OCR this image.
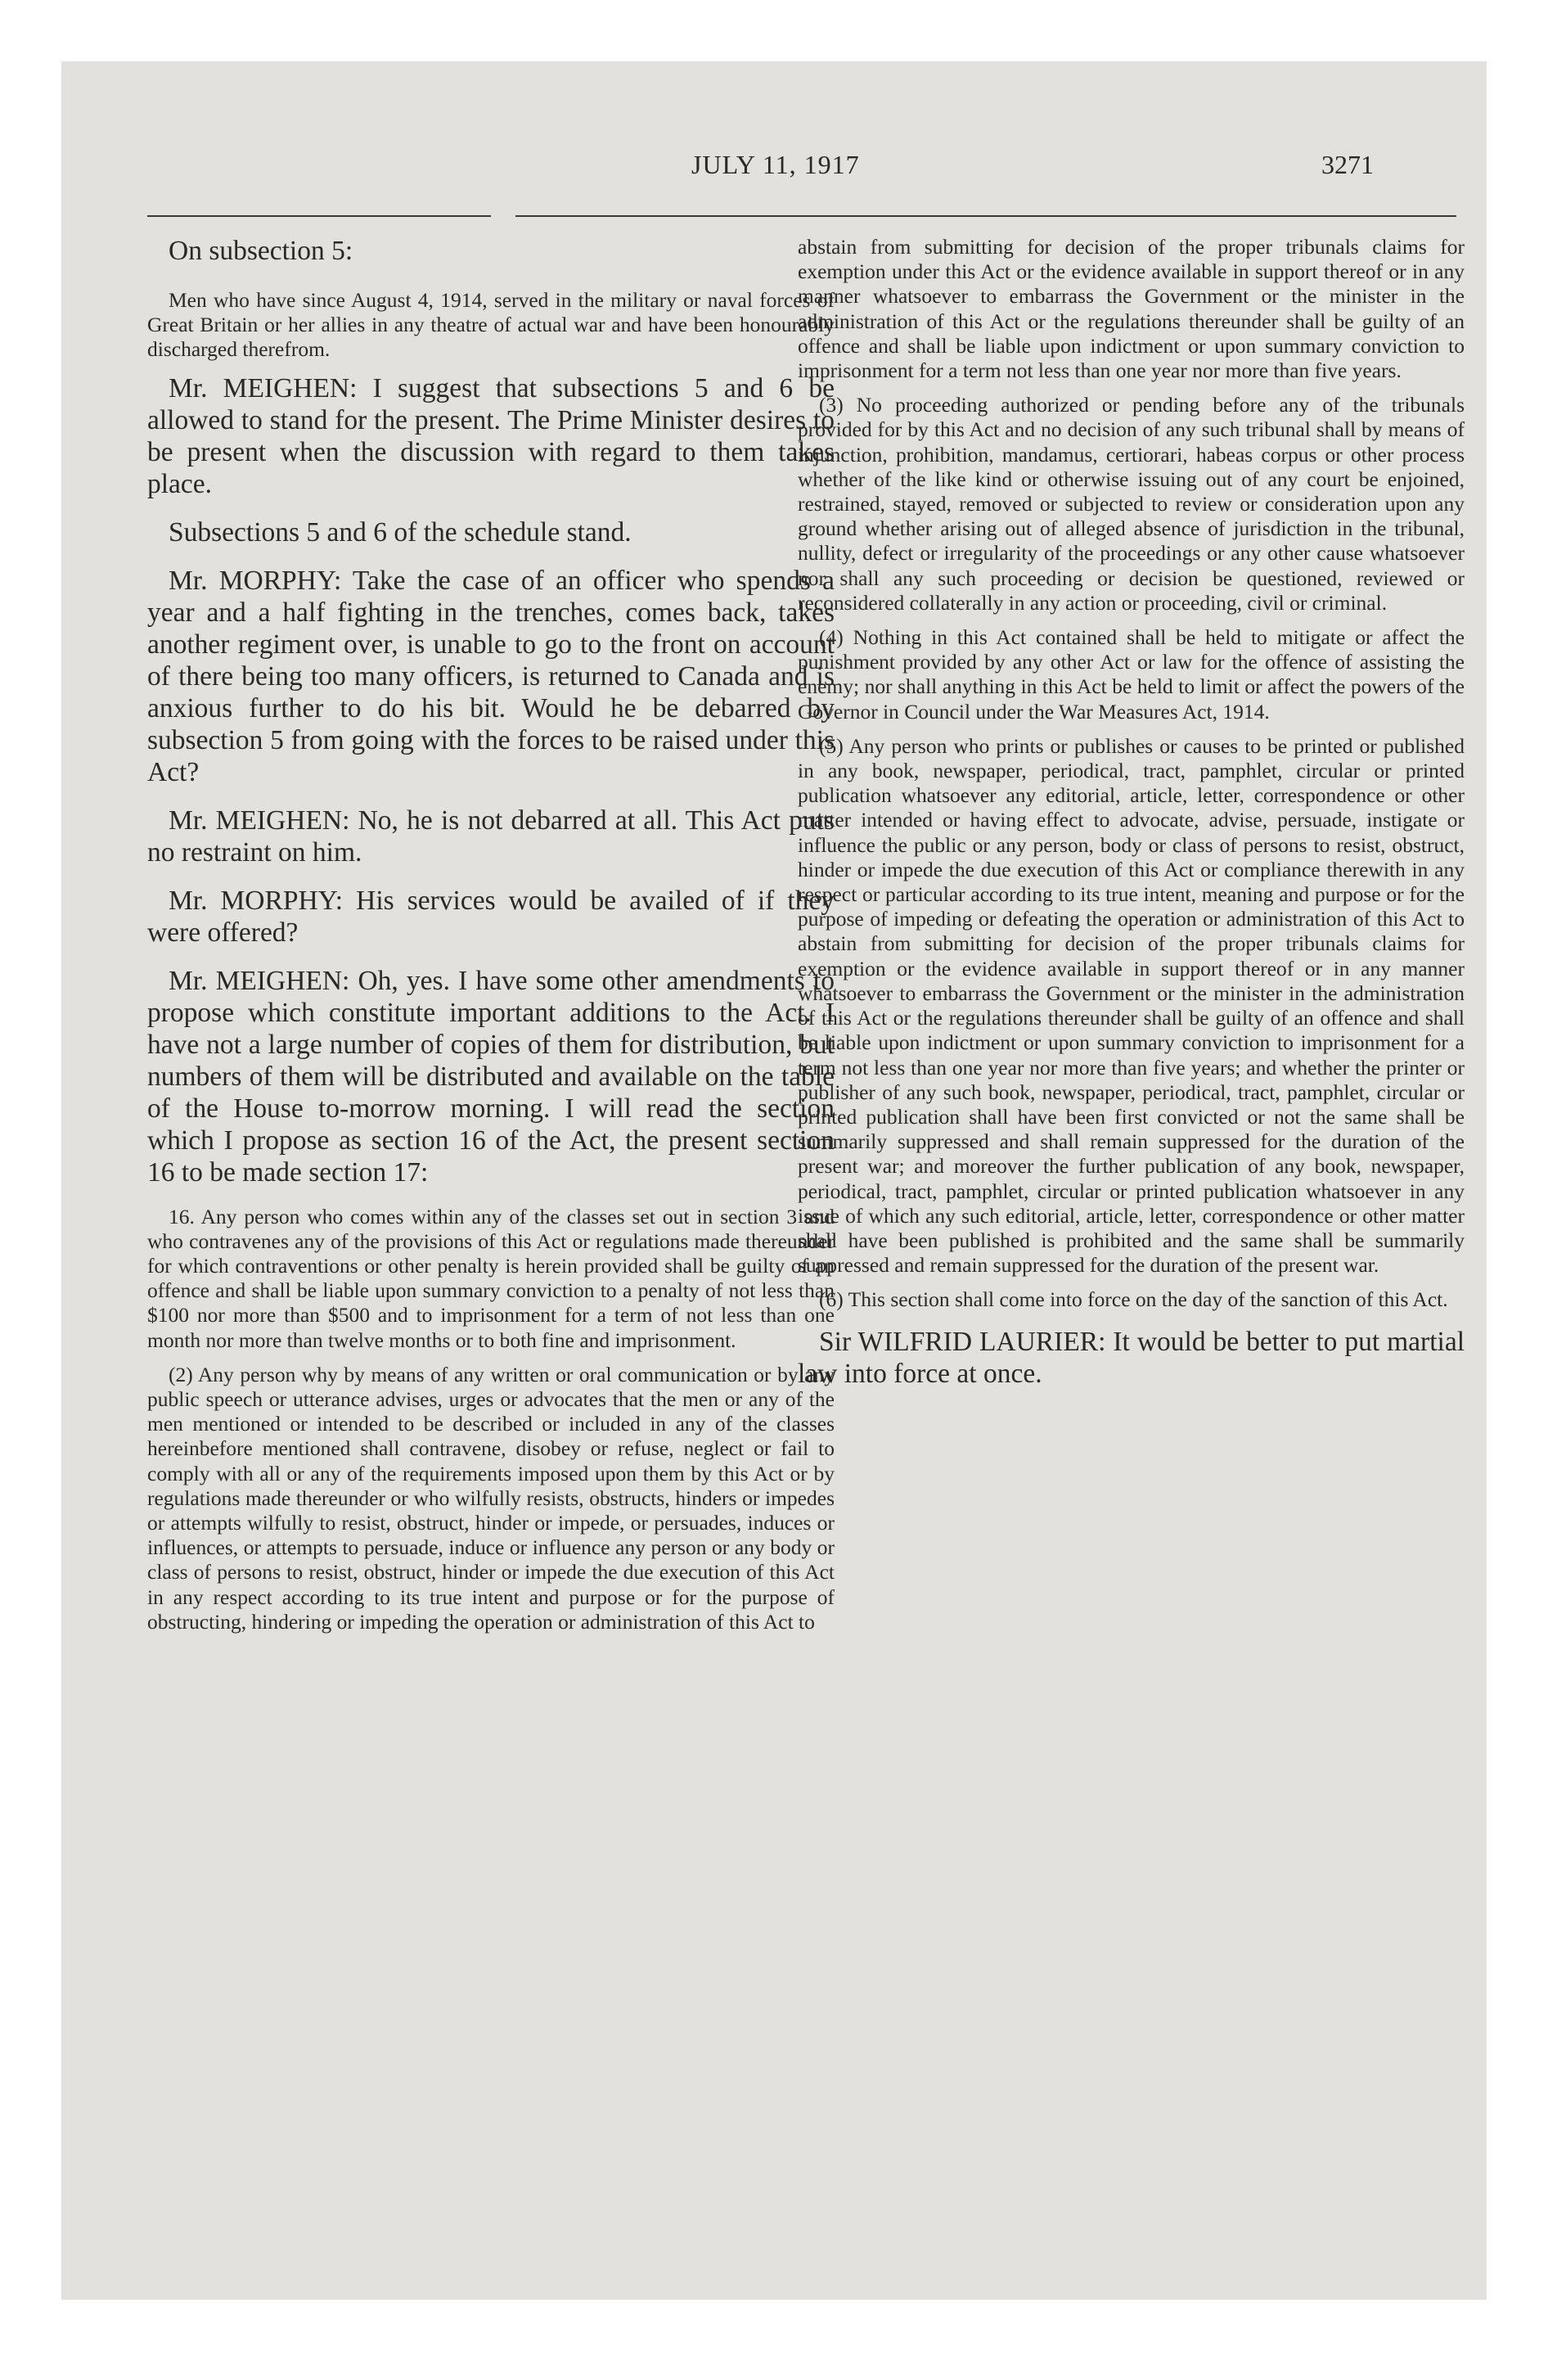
JULY 11, 1917	3271
On subsection 5:

Men who have since August 4, 1914, served in the military or naval forces of Great Britain or her allies in any theatre of actual war and have been honourably discharged therefrom.

Mr. MEIGHEN: I suggest that subsections 5 and 6 be allowed to stand for the present. The Prime Minister desires to be present when the discussion with regard to them takes place.

Subsections 5 and 6 of the schedule stand.

Mr. MORPHY: Take the case of an officer who spends a year and a half fighting in the trenches, comes back, takes another regiment over, is unable to go to the front on account of there being too many officers, is returned to Canada and is anxious further to do his bit. Would he be debarred by subsection 5 from going with the forces to be raised under this Act?

Mr. MEIGHEN: No, he is not debarred at all. This Act puts no restraint on him.

Mr. MORPHY: His services would be availed of if they were offered?

Mr. MEIGHEN: Oh, yes. I have some other amendments to propose which constitute important additions to the Act. I have not a large number of copies of them for distribution, but numbers of them will be distributed and available on the table of the House to-morrow morning. I will read the section which I propose as section 16 of the Act, the present section 16 to be made section 17:

16. Any person who comes within any of the classes set out in section 3 and who contravenes any of the provisions of this Act or regulations made thereunder for which contraventions or other penalty is herein provided shall be guilty of an offence and shall be liable upon summary conviction to a penalty of not less than $100 nor more than $500 and to imprisonment for a term of not less than one month nor more than twelve months or to both fine and imprisonment.

(2) Any person why by means of any written or oral communication or by any public speech or utterance advises, urges or advocates that the men or any of the men mentioned or intended to be described or included in any of the classes hereinbefore mentioned shall contravene, disobey or refuse, neglect or fail to comply with all or any of the requirements imposed upon them by this Act or by regulations made thereunder or who wilfully resists, obstructs, hinders or impedes or attempts wilfully to resist, obstruct, hinder or impede, or persuades, induces or influences, or attempts to persuade, induce or influence any person or any body or class of persons to resist, obstruct, hinder or impede the due execution of this Act in any respect according to its true intent and purpose or for the purpose of obstructing, hindering or impeding the operation or administration of this Act to

abstain from submitting for decision of the proper tribunals claims for exemption under this Act or the evidence available in support thereof or in any manner whatsoever to embarrass the Government or the minister in the administration of this Act or the regulations thereunder shall be guilty of an offence and shall be liable upon indictment or upon summary conviction to imprisonment for a term not less than one year nor more than five years.

(3) No proceeding authorized or pending before any of the tribunals provided for by this Act and no decision of any such tribunal shall by means of injunction, prohibition, mandamus, certiorari, habeas corpus or other process whether of the like kind or otherwise issuing out of any court be enjoined, restrained, stayed, removed or subjected to review or consideration upon any ground whether arising out of alleged absence of jurisdiction in the tribunal, nullity, defect or irregularity of the proceedings or any other cause whatsoever nor shall any such proceeding or decision be questioned, reviewed or reconsidered collaterally in any action or proceeding, civil or criminal.

(4) Nothing in this Act contained shall be held to mitigate or affect the punishment provided by any other Act or law for the offence of assisting the enemy; nor shall anything in this Act be held to limit or affect the powers of the Governor in Council under the War Measures Act, 1914.

(5) Any person who prints or publishes or causes to be printed or published in any book, newspaper, periodical, tract, pamphlet, circular or printed publication whatsoever any editorial, article, letter, correspondence or other matter intended or having effect to advocate, advise, persuade, instigate or influence the public or any person, body or class of persons to resist, obstruct, hinder or impede the due execution of this Act or compliance therewith in any respect or particular according to its true intent, meaning and purpose or for the purpose of impeding or defeating the operation or administration of this Act to abstain from submitting for decision of the proper tribunals claims for exemption or the evidence available in support thereof or in any manner whatsoever to embarrass the Government or the minister in the administration of this Act or the regulations thereunder shall be guilty of an offence and shall be liable upon indictment or upon summary conviction to imprisonment for a term not less than one year nor more than five years; and whether the printer or publisher of any such book, newspaper, periodical, tract, pamphlet, circular or printed publication shall have been first convicted or not the same shall be summarily suppressed and shall remain suppressed for the duration of the present war; and moreover the further publication of any book, newspaper, periodical, tract, pamphlet, circular or printed publication whatsoever in any issue of which any such editorial, article, letter, correspondence or other matter shall have been published is prohibited and the same shall be summarily suppressed and remain suppressed for the duration of the present war.

(6) This section shall come into force on the day of the sanction of this Act.

Sir WILFRID LAURIER: It would be better to put martial law into force at once.
